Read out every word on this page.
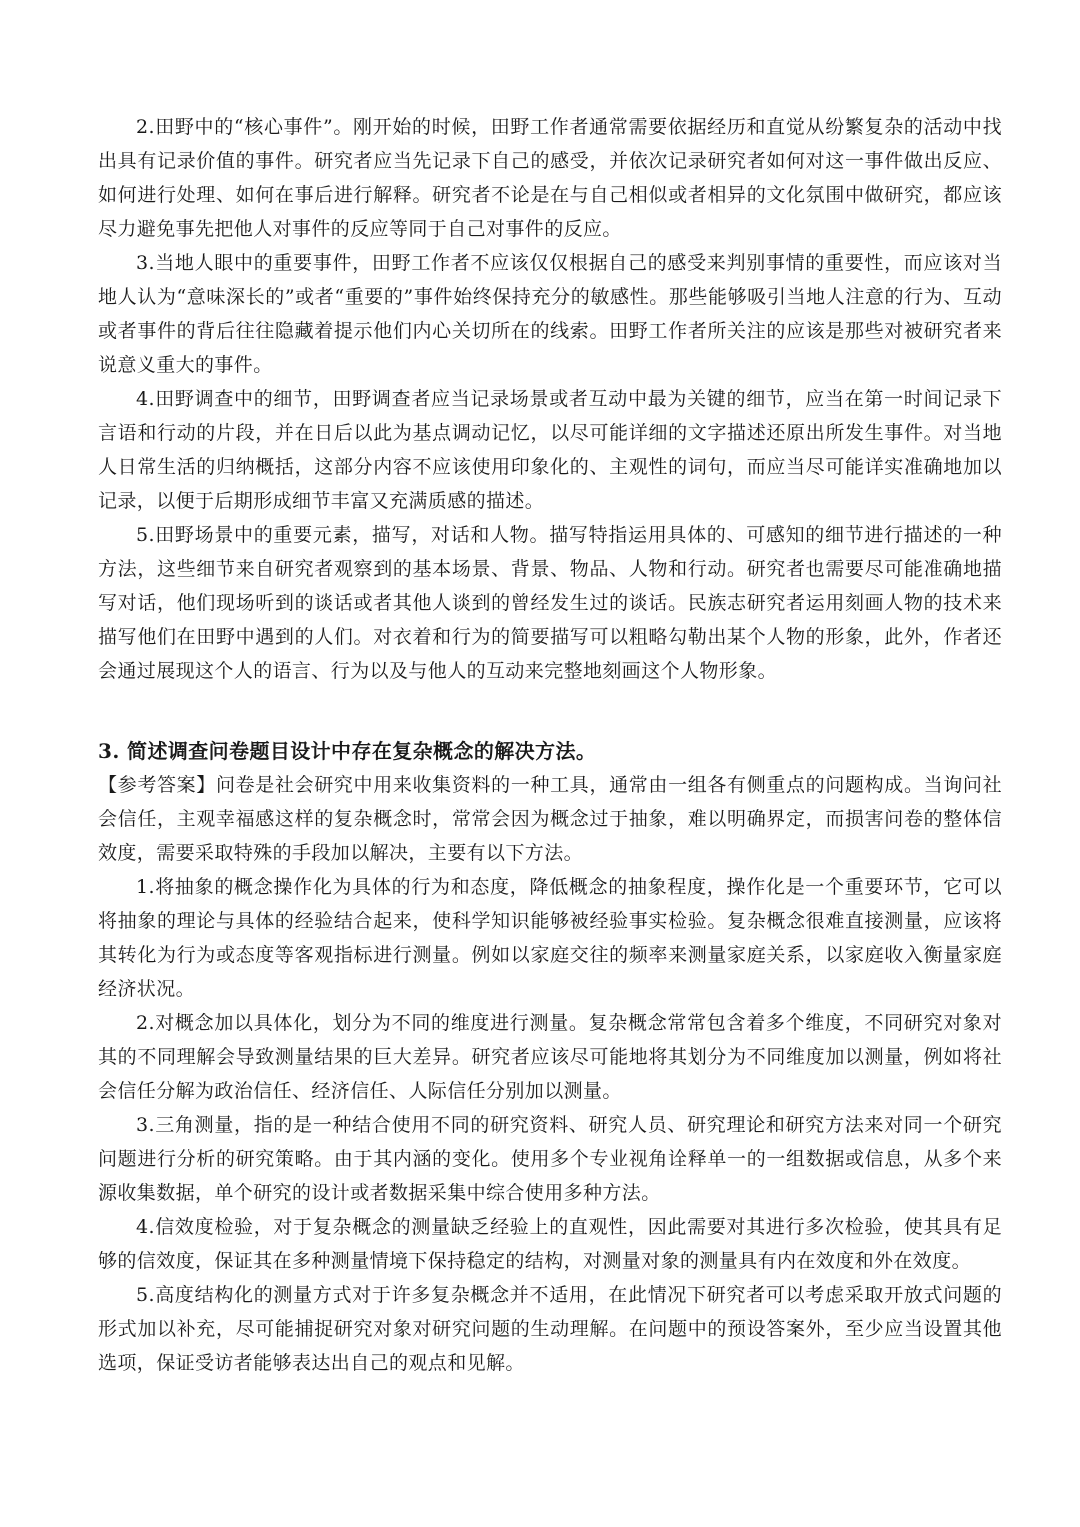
2.田野中的“核心事件”。刚开始的时候，田野工作者通常需要依据经历和直觉从纷繁复杂的活动中找出具有记录价值的事件。研究者应当先记录下自己的感受，并依次记录研究者如何对这一事件做出反应、如何进行处理、如何在事后进行解释。研究者不论是在与自己相似或者相异的文化氛围中做研究，都应该尽力避免事先把他人对事件的反应等同于自己对事件的反应。

3.当地人眼中的重要事件，田野工作者不应该仅仅根据自己的感受来判别事情的重要性，而应该对当地人认为“意味深长的”或者“重要的”事件始终保持充分的敏感性。那些能够吸引当地人注意的行为、互动或者事件的背后往往隐藏着提示他们内心关切所在的线索。田野工作者所关注的应该是那些对被研究者来说意义重大的事件。

4.田野调查中的细节，田野调查者应当记录场景或者互动中最为关键的细节，应当在第一时间记录下言语和行动的片段，并在日后以此为基点调动记忆，以尽可能详细的文字描述还原出所发生事件。对当地人日常生活的归纳概括，这部分内容不应该使用印象化的、主观性的词句，而应当尽可能详实准确地加以记录，以便于后期形成细节丰富又充满质感的描述。

5.田野场景中的重要元素，描写，对话和人物。描写特指运用具体的、可感知的细节进行描述的一种方法，这些细节来自研究者观察到的基本场景、背景、物品、人物和行动。研究者也需要尽可能准确地描写对话，他们现场听到的谈话或者其他人谈到的曾经发生过的谈话。民族志研究者运用刻画人物的技术来描写他们在田野中遇到的人们。对衣着和行为的简要描写可以粗略勾勒出某个人物的形象，此外，作者还会通过展现这个人的语言、行为以及与他人的互动来完整地刻画这个人物形象。

3. 简述调查问卷题目设计中存在复杂概念的解决方法。

【参考答案】问卷是社会研究中用来收集资料的一种工具，通常由一组各有侧重点的问题构成。当询问社会信任，主观幸福感这样的复杂概念时，常常会因为概念过于抽象，难以明确界定，而损害问卷的整体信效度，需要采取特殊的手段加以解决，主要有以下方法。

1.将抽象的概念操作化为具体的行为和态度，降低概念的抽象程度，操作化是一个重要环节，它可以将抽象的理论与具体的经验结合起来，使科学知识能够被经验事实检验。复杂概念很难直接测量，应该将其转化为行为或态度等客观指标进行测量。例如以家庭交往的频率来测量家庭关系，以家庭收入衡量家庭经济状况。

2.对概念加以具体化，划分为不同的维度进行测量。复杂概念常常包含着多个维度，不同研究对象对其的不同理解会导致测量结果的巨大差异。研究者应该尽可能地将其划分为不同维度加以测量，例如将社会信任分解为政治信任、经济信任、人际信任分别加以测量。

3.三角测量，指的是一种结合使用不同的研究资料、研究人员、研究理论和研究方法来对同一个研究问题进行分析的研究策略。由于其内涵的变化。使用多个专业视角诠释单一的一组数据或信息，从多个来源收集数据，单个研究的设计或者数据采集中综合使用多种方法。

4.信效度检验，对于复杂概念的测量缺乏经验上的直观性，因此需要对其进行多次检验，使其具有足够的信效度，保证其在多种测量情境下保持稳定的结构，对测量对象的测量具有内在效度和外在效度。

5.高度结构化的测量方式对于许多复杂概念并不适用，在此情况下研究者可以考虑采取开放式问题的形式加以补充，尽可能捕捉研究对象对研究问题的生动理解。在问题中的预设答案外，至少应当设置其他选项，保证受访者能够表达出自己的观点和见解。
